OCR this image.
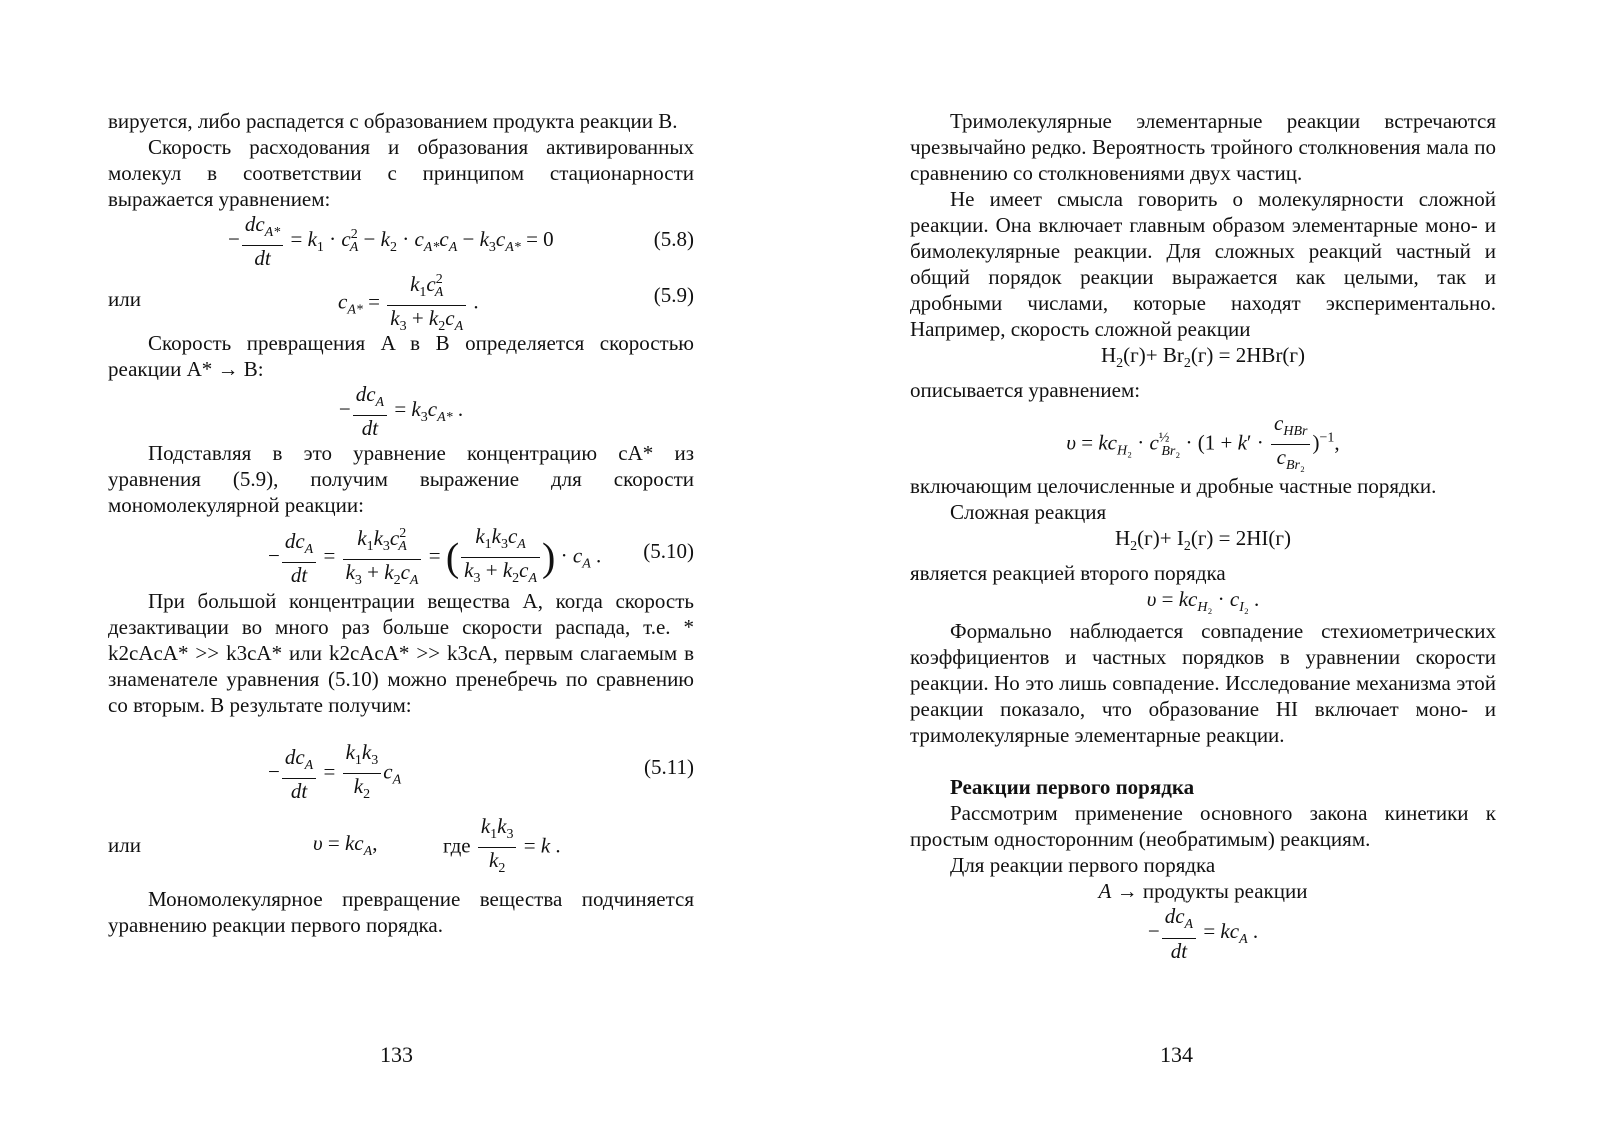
вируется, либо распадется с образованием продукта реакции B.

Скорость расходования и образования активированных молекул в соответствии с принципом стационарности выражается уравнением:

− $\frac{dc_{A*}}{dt} = k_1 \cdot c^2_A - k_2 \cdot c_{A*}c_A - k_3c_{A*} = 0$	(5.8)
или	$c_{A*} = \frac{k_1c^2_A}{k_3 + k_2c_A}$ .	(5.9)

Скорость превращения A в B определяется скоростью реакции A* → B:

− $\frac{dc_A}{dt} = k_3c_{A*}$ .

Подставляя в это уравнение концентрацию cA* из уравнения (5.9), получим выражение для скорости мономолекулярной реакции:

− $\frac{dc_A}{dt} = \frac{k_1k_3c^2_A}{k_3 + k_2c_A}$ = ( $\frac{k_1k_3c_A}{k_3 + k_2c_A}$ ) · $c_A$ . (5.10)

При большой концентрации вещества A, когда скорость дезактивации во много раз больше скорости распада, т.е. * k2cAcA* >> k3cA* или k2cAcA* >> k3cA, первым слагаемым в знаменателе уравнения (5.10) можно пренебречь по сравнению со вторым. В результате получим:

− $\frac{dc_A}{dt} = \frac{k_1k_3}{k_2} c_A$
(5.11)
или	$\upsilon = kc_A$,	где $\frac{k_1k_3}{k_2} = k$ .

Мономолекулярное превращение вещества подчиняется уравнению реакции первого порядка.

133

Тримолекулярные элементарные реакции встречаются чрезвычайно редко. Вероятность тройного столкновения мала по сравнению со столкновениями двух частиц.

Не имеет смысла говорить о молекулярности сложной реакции. Она включает главным образом элементарные моно- и бимолекулярные реакции. Для сложных реакций частный и общий порядок реакции выражается как целыми, так и дробными числами, которые находят экспериментально. Например, скорость сложной реакции

$H_2(г)+ Br_2(г) = 2HBr(г)$

описывается уравнением:

$\upsilon = kc_{H_2} \cdot c^{\frac{1}{2}}_{Br_2} \cdot (1 + k' \cdot \frac{c_{HBr}}{c_{Br_2}} )^{-1}$,

включающим целочисленные и дробные частные порядки.

Сложная реакция

$H_2(г)+ I_2(г) = 2HI(г)$

является реакцией второго порядка

$\upsilon = kc_{H_2} \cdot c_{I_2}$ .

Формально наблюдается совпадение стехиометрических коэффициентов и частных порядков в уравнении скорости реакции. Но это лишь совпадение. Исследование механизма этой реакции показало, что образование HI включает моно- и тримолекулярные элементарные реакции.

Реакции первого порядка

Рассмотрим применение основного закона кинетики к простым односторонним (необратимым) реакциям.

Для реакции первого порядка

A → продукты реакции
− $\frac{dc_A}{dt} = kc_A$ .
134
